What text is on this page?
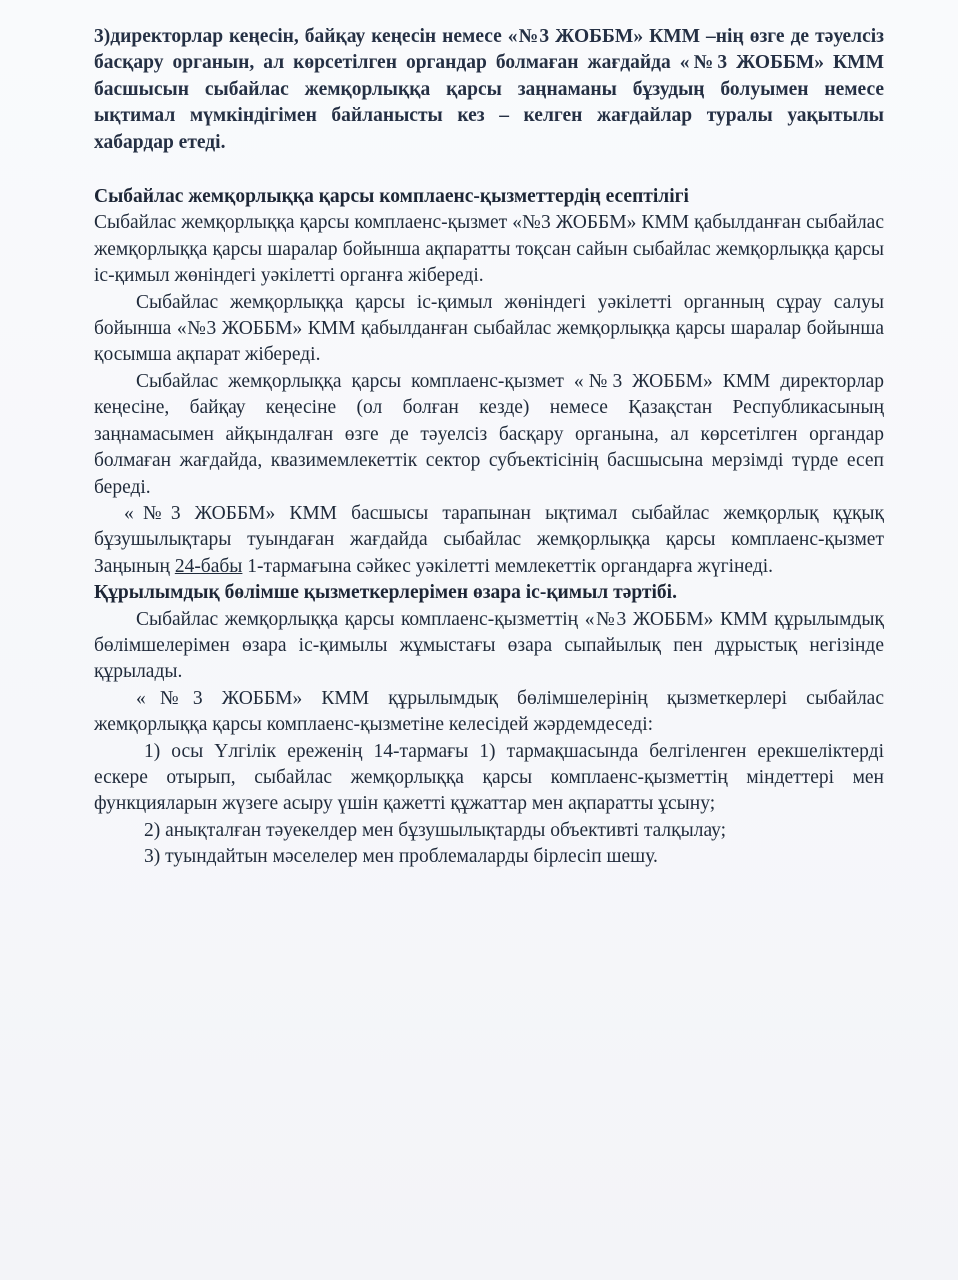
3)директорлар кеңесін, байқау кеңесін немесе «№3 ЖОББМ» КММ –нің өзге де тәуелсіз басқару органын, ал көрсетілген органдар болмаған жағдайда «№3 ЖОББМ» КММ басшысын сыбайлас жемқорлыққа қарсы заңнаманы бұзудың болуымен немесе ықтимал мүмкіндігімен байланысты кез – келген жағдайлар туралы уақытылы хабардар етеді.

Сыбайлас жемқорлыққа қарсы комплаенс-қызметтердің есептілігі

Сыбайлас жемқорлыққа қарсы комплаенс-қызмет «№3 ЖОББМ» КММ қабылданған сыбайлас жемқорлыққа қарсы шаралар бойынша ақпаратты тоқсан сайын сыбайлас жемқорлыққа қарсы іс-қимыл жөніндегі уәкілетті органға жібереді.

Сыбайлас жемқорлыққа қарсы іс-қимыл жөніндегі уәкілетті органның сұрау салуы бойынша «№3 ЖОББМ» КММ қабылданған сыбайлас жемқорлыққа қарсы шаралар бойынша қосымша ақпарат жібереді.

Сыбайлас жемқорлыққа қарсы комплаенс-қызмет «№3 ЖОББМ» КММ директорлар кеңесіне, байқау кеңесіне (ол болған кезде) немесе Қазақстан Республикасының заңнамасымен айқындалған өзге де тәуелсіз басқару органына, ал көрсетілген органдар болмаған жағдайда, квазимемлекеттік сектор субъектісінің басшысына мерзімді түрде есеп береді.

«№3 ЖОББМ» КММ басшысы тарапынан ықтимал сыбайлас жемқорлық құқық бұзушылықтары туындаған жағдайда сыбайлас жемқорлыққа қарсы комплаенс-қызмет Заңының 24-бабы 1-тармағына сәйкес уәкілетті мемлекеттік органдарға жүгінеді.

Құрылымдық бөлімше қызметкерлерімен өзара іс-қимыл тәртібі.

Сыбайлас жемқорлыққа қарсы комплаенс-қызметтің «№3 ЖОББМ» КММ құрылымдық бөлімшелерімен өзара іс-қимылы жұмыстағы өзара сыпайылық пен дұрыстық негізінде құрылады.

«№3 ЖОББМ» КММ құрылымдық бөлімшелерінің қызметкерлері сыбайлас жемқорлыққа қарсы комплаенс-қызметіне келесідей жәрдемдеседі:

1) осы Үлгілік ереженің 14-тармағы 1) тармақшасында белгіленген ерекшеліктерді ескере отырып, сыбайлас жемқорлыққа қарсы комплаенс-қызметтің міндеттері мен функцияларын жүзеге асыру үшін қажетті құжаттар мен ақпаратты ұсыну;

2) анықталған тәуекелдер мен бұзушылықтарды объективті талқылау;

3) туындайтын мәселелер мен проблемаларды бірлесіп шешу.
